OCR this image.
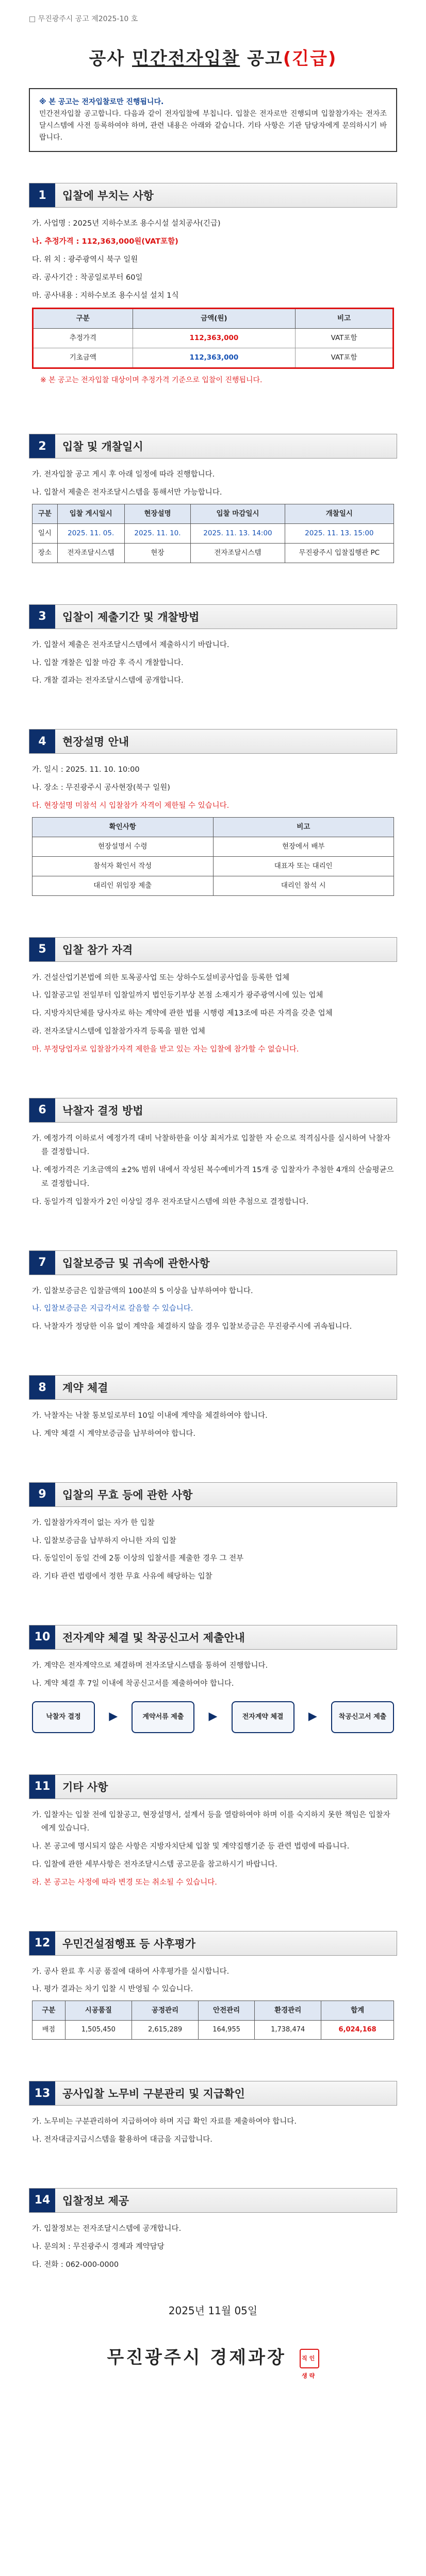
□ 무진광주시 공고 제2025-10 호
공사 민간전자입찰 공고(긴급)
※ 본 공고는 전자입찰로만 진행됩니다.
민간전자입찰 공고합니다. 다음과 같이 전자입찰에 부칩니다. 입찰은 전자로만 진행되며 입찰참가자는 전자조달시스템에 사전 등록하여야 하며, 관련 내용은 아래와 같습니다. 기타 사항은 기관 담당자에게 문의하시기 바랍니다.
1	입찰에 부치는 사항

가. 사업명 : 2025년 지하수보조 용수시설 설치공사(긴급)

나. 추정가격 : 112,363,000원(VAT포함)

다. 위 치 : 광주광역시 북구 일원

라. 공사기간 : 착공일로부터 60일

마. 공사내용 : 지하수보조 용수시설 설치 1식

구분	금액(원)	비고
추정가격	112,363,000	VAT포함
기초금액	112,363,000	VAT포함

※ 본 공고는 전자입찰 대상이며 추정가격 기준으로 입찰이 진행됩니다.

2	입찰 및 개찰일시

가. 전자입찰 공고 게시 후 아래 일정에 따라 진행합니다.

나. 입찰서 제출은 전자조달시스템을 통해서만 가능합니다.

구분	입찰 게시일시	현장설명	입찰 마감일시	개찰일시
일시	2025. 11. 05.	2025. 11. 10.	2025. 11. 13. 14:00	2025. 11. 13. 15:00
장소	전자조달시스템	현장	전자조달시스템	무진광주시 입찰집행관 PC
3	입찰이 제출기간 및 개찰방법

가. 입찰서 제출은 전자조달시스템에서 제출하시기 바랍니다.

나. 입찰 개찰은 입찰 마감 후 즉시 개찰합니다.

다. 개찰 결과는 전자조달시스템에 공개합니다.

4	현장설명 안내

가. 일시 : 2025. 11. 10. 10:00

나. 장소 : 무진광주시 공사현장(북구 일원)

다. 현장설명 미참석 시 입찰참가 자격이 제한될 수 있습니다.

확인사항	비고
현장설명서 수령	현장에서 배부
참석자 확인서 작성	대표자 또는 대리인
대리인 위임장 제출	대리인 참석 시
5	입찰 참가 자격

가. 건설산업기본법에 의한 토목공사업 또는 상하수도설비공사업을 등록한 업체

나. 입찰공고일 전일부터 입찰일까지 법인등기부상 본점 소재지가 광주광역시에 있는 업체

다. 지방자치단체를 당사자로 하는 계약에 관한 법률 시행령 제13조에 따른 자격을 갖춘 업체

라. 전자조달시스템에 입찰참가자격 등록을 필한 업체

마. 부정당업자로 입찰참가자격 제한을 받고 있는 자는 입찰에 참가할 수 없습니다.

6	낙찰자 결정 방법

가. 예정가격 이하로서 예정가격 대비 낙찰하한율 이상 최저가로 입찰한 자 순으로 적격심사를 실시하여 낙찰자를 결정합니다.

나. 예정가격은 기초금액의 ±2% 범위 내에서 작성된 복수예비가격 15개 중 입찰자가 추첨한 4개의 산술평균으로 결정합니다.

다. 동일가격 입찰자가 2인 이상일 경우 전자조달시스템에 의한 추첨으로 결정합니다.

7	입찰보증금 및 귀속에 관한사항

가. 입찰보증금은 입찰금액의 100분의 5 이상을 납부하여야 합니다.

나. 입찰보증금은 지급각서로 갈음할 수 있습니다.

다. 낙찰자가 정당한 이유 없이 계약을 체결하지 않을 경우 입찰보증금은 무진광주시에 귀속됩니다.

8	계약 체결

가. 낙찰자는 낙찰 통보일로부터 10일 이내에 계약을 체결하여야 합니다.

나. 계약 체결 시 계약보증금을 납부하여야 합니다.

9	입찰의 무효 등에 관한 사항

가. 입찰참가자격이 없는 자가 한 입찰

나. 입찰보증금을 납부하지 아니한 자의 입찰

다. 동일인이 동일 건에 2통 이상의 입찰서를 제출한 경우 그 전부

라. 기타 관련 법령에서 정한 무효 사유에 해당하는 입찰

10	전자계약 체결 및 착공신고서 제출안내

가. 계약은 전자계약으로 체결하며 전자조달시스템을 통하여 진행합니다.

나. 계약 체결 후 7일 이내에 착공신고서를 제출하여야 합니다.

낙찰자 결정	▶	계약서류 제출	▶	전자계약 체결	▶	착공신고서 제출
11	기타 사항

가. 입찰자는 입찰 전에 입찰공고, 현장설명서, 설계서 등을 열람하여야 하며 이를 숙지하지 못한 책임은 입찰자에게 있습니다.

나. 본 공고에 명시되지 않은 사항은 지방자치단체 입찰 및 계약집행기준 등 관련 법령에 따릅니다.

다. 입찰에 관한 세부사항은 전자조달시스템 공고문을 참고하시기 바랍니다.

라. 본 공고는 사정에 따라 변경 또는 취소될 수 있습니다.

12	우민건설점행표 등 사후평가

가. 공사 완료 후 시공 품질에 대하여 사후평가를 실시합니다.

나. 평가 결과는 차기 입찰 시 반영될 수 있습니다.

구분	시공품질	공정관리	안전관리	환경관리	합계
배점	1,505,450	2,615,289	164,955	1,738,474	6,024,168
13	공사입찰 노무비 구분관리 및 지급확인

가. 노무비는 구분관리하여 지급하여야 하며 지급 확인 자료를 제출하여야 합니다.

나. 전자대금지급시스템을 활용하여 대금을 지급합니다.

14	입찰정보 제공

가. 입찰정보는 전자조달시스템에 공개합니다.

나. 문의처 : 무진광주시 경제과 계약담당

다. 전화 : 062-000-0000

2025년 11월 05일
무진광주시 경제과장	직인생략
